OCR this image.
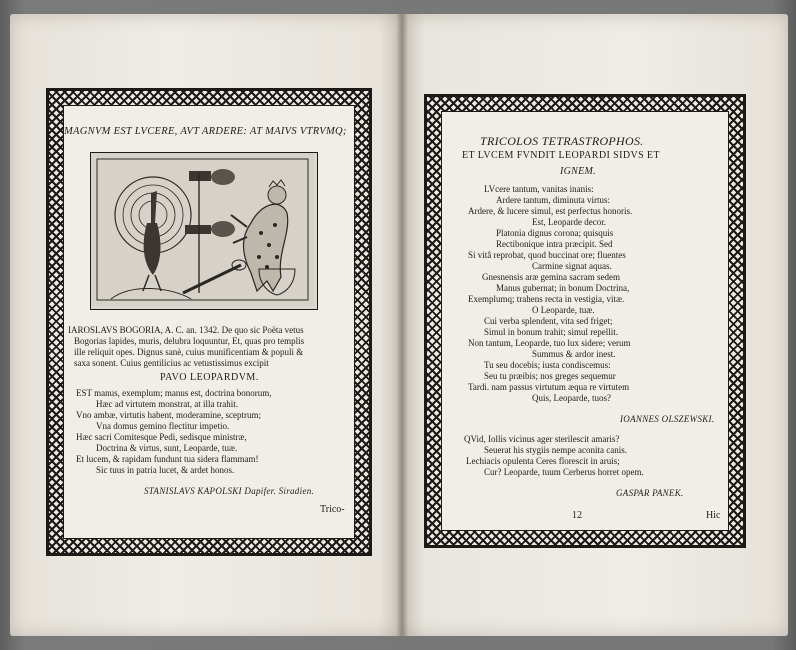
MAGNVM EST LVCERE, AVT ARDERE: AT MAIVS VTRVMQ;
IAROSLAVS BOGORIA, A. C. an. 1342. De quo sic Poëta vetus
Bogorias lapides, muris, delubra loquuntur, Et, quas pro templis
ille reliquit opes. Dignus sanè, cuius munificentiam & populi &
saxa sonent. Cuius gentilicius ac vetustissimus excipit
PAVO LEOPARDVM.
EST manus, exemplum; manus est, doctrina bonorum,
Hæc ad virtutem monstrat, at illa trahit.
Vno ambæ, virtutis habent, moderamine, sceptrum;
Vna domus gemino flectitur impetio.
Hæc sacri Comitesque Pedi, sedisque ministræ,
Doctrina & virtus, sunt, Leoparde, tuæ.
Et lucem, & rapidam fundunt tua sidera flammam!
Sic tuus in patria lucet, & ardet honos.
STANISLAVS KAPOLSKI Dapifer. Siradien.
Trico-
TRICOLOS TETRASTROPHOS.
ET LVCEM FVNDIT LEOPARDI SIDVS ET
IGNEM.
LVcere tantum, vanitas inanis:
Ardere tantum, diminuta virtus:
Ardere, & lucere simul, est perfectus honoris.
Est, Leoparde decor.
Platonia dignus corona; quisquis
Rectibonique intra præcipit. Sed
Si vitâ reprobat, quod buccinat ore; fluentes
Carmine signat aquas.
Gnesnensis aræ gemina sacram sedem
Manus gubernat; in bonum Doctrina,
Exemplumq; trahens recta in vestigia, vitæ.
O Leoparde, tuæ.
Cui verba splendent, vita sed friget;
Simul in bonum trahit; simul repellit.
Non tantum, Leoparde, tuo lux sidere; verum
Summus & ardor inest.
Tu seu docebis; iusta condiscemus:
Seu tu præibis; nos greges sequemur
Tardi. nam passus virtutum æqua re virtutem
Quis, Leoparde, tuos?
IOANNES OLSZEWSKI.
QVid, Iollis vicinus ager sterilescit amaris?
Seuerat his stygiis nempe aconita canis.
Lechiacis opulenta Ceres florescit in aruis;
Cur? Leoparde, tuum Cerberus horret opem.
GASPAR PANEK.
12	Hic
